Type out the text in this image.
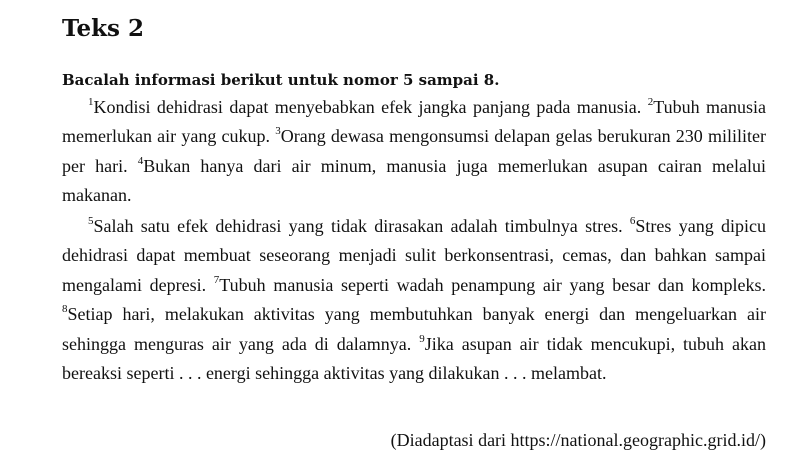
Teks 2

Bacalah informasi berikut untuk nomor 5 sampai 8.

$^1$Kondisi dehidrasi dapat menyebabkan efek jangka panjang pada manusia. $^2$Tubuh manusia memerlukan air yang cukup. $^3$Orang dewasa mengonsumsi delapan gelas berukuran 230 mililiter per hari. $^4$Bukan hanya dari air minum, manusia juga memerlukan asupan cairan melalui makanan.

$^5$Salah satu efek dehidrasi yang tidak dirasakan adalah timbulnya stres. $^6$Stres yang dipicu dehidrasi dapat membuat seseorang menjadi sulit berkonsentrasi, cemas, dan bahkan sampai mengalami depresi. $^7$Tubuh manusia seperti wadah penampung air yang besar dan kompleks. $^8$Setiap hari, melakukan aktivitas yang membutuhkan banyak energi dan mengeluarkan air sehingga menguras air yang ada di dalamnya. $^9$Jika asupan air tidak mencukupi, tubuh akan bereaksi seperti . . . energi sehingga aktivitas yang dilakukan . . . melambat.

(Diadaptasi dari https://national.geographic.grid.id/)
